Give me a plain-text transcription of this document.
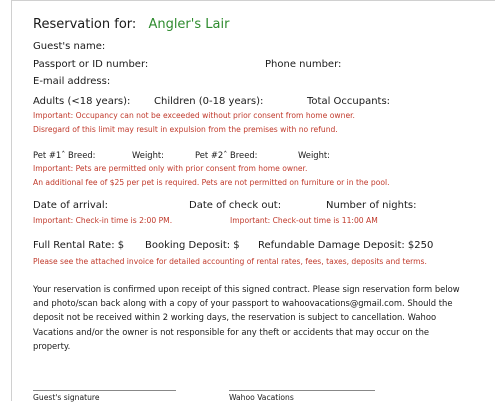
Reservation for: Angler's Lair
Guest's name:
Passport or ID number:	Phone number:
E-mail address:
Adults (<18 years): Children (0-18 years):	Total Occupants:
Important: Occupancy can not be exceeded without prior consent from home owner.
Disregard of this limit may result in expulsion from the premises with no refund.
Pet #1ˆ Breed:	Weight:	Pet #2ˆ Breed:	Weight:
Important: Pets are permitted only with prior consent from home owner.
An additional fee of $25 per pet is required. Pets are not permitted on furniture or in the pool.
Date of arrival:	Date of check out:	Number of nights:
Important: Check-in time is 2:00 PM.	Important: Check-out time is 11:00 AM
Full Rental Rate: $ Booking Deposit: $ Refundable Damage Deposit: $250
Please see the attached invoice for detailed accounting of rental rates, fees, taxes, deposits and terms.
Your reservation is confirmed upon receipt of this signed contract. Please sign reservation form below
and photo/scan back along with a copy of your passport to wahoovacations@gmail.com. Should the
deposit not be received within 2 working days, the reservation is subject to cancellation. Wahoo
Vacations and/or the owner is not responsible for any theft or accidents that may occur on the
property.
Guest's signature	Wahoo Vacations
